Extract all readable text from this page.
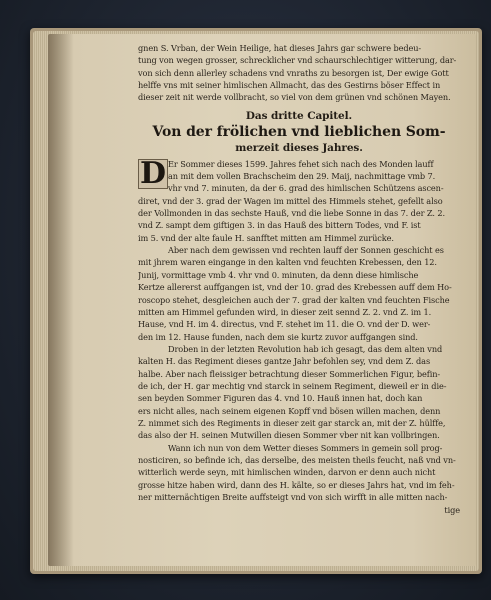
gnen S. Vrban, der Wein Heilige, hat dieses Jahrs gar schwere bedeu-
tung von wegen grosser, schrecklicher vnd schaurschlechtiger witterung, dar-
von sich denn allerley schadens vnd vnraths zu besorgen ist, Der ewige Gott
helffe vns mit seiner himlischen Allmacht, das des Gestirns böser Effect in
dieser zeit nit werde vollbracht, so viel von dem grünen vnd schönen Mayen.
Das dritte Capitel.
Von der frölichen vnd lieblichen Som-
merzeit dieses Jahres.
D Er Sommer dieses 1599. Jahres fehet sich nach des Monden lauff
an mit dem vollen Brachscheim den 29. Maij, nachmittage vmb 7.
vhr vnd 7. minuten, da der 6. grad des himlischen Schützens ascen-
diret, vnd der 3. grad der Wagen im mittel des Himmels stehet, gefellt also
der Vollmonden in das sechste Hauß, vnd die liebe Sonne in das 7. der Z. 2.
vnd Z. sampt dem giftigen 3. in das Hauß des bittern Todes, vnd F. ist
im 5. vnd der alte faule H. sanfftet mitten am Himmel zurücke.
Aber nach dem gewissen vnd rechten lauff der Sonnen geschicht es
mit jhrem waren eingange in den kalten vnd feuchten Krebessen, den 12.
Junij, vormittage vmb 4. vhr vnd 0. minuten, da denn diese himlische
Kertze allererst auffgangen ist, vnd der 10. grad des Krebessen auff dem Ho-
roscopo stehet, desgleichen auch der 7. grad der kalten vnd feuchten Fische
mitten am Himmel gefunden wird, in dieser zeit sennd Z. 2. vnd Z. im 1.
Hause, vnd H. im 4. directus, vnd F. stehet im 11. die O. vnd der D. wer-
den im 12. Hause funden, nach dem sie kurtz zuvor auffgangen sind.
Droben in der letzten Revolution hab ich gesagt, das dem alten vnd
kalten H. das Regiment dieses gantze Jahr befohlen sey, vnd dem Z. das
halbe. Aber nach fleissiger betrachtung dieser Sommerlichen Figur, befin-
de ich, der H. gar mechtig vnd starck in seinem Regiment, dieweil er in die-
sen beyden Sommer Figuren das 4. vnd 10. Hauß innen hat, doch kan
ers nicht alles, nach seinem eigenen Kopff vnd bösen willen machen, denn
Z. nimmet sich des Regiments in dieser zeit gar starck an, mit der Z. hülffe,
das also der H. seinen Mutwillen diesen Sommer vber nit kan vollbringen.
Wann ich nun von dem Wetter dieses Sommers in gemein soll prog-
nosticiren, so befinde ich, das derselbe, des meisten theils feucht, naß vnd vn-
witterlich werde seyn, mit himlischen winden, darvon er denn auch nicht
grosse hitze haben wird, dann des H. kälte, so er dieses Jahrs hat, vnd im feh-
ner mitternächtigen Breite auffsteigt vnd von sich wirfft in alle mitten nach-
tige
